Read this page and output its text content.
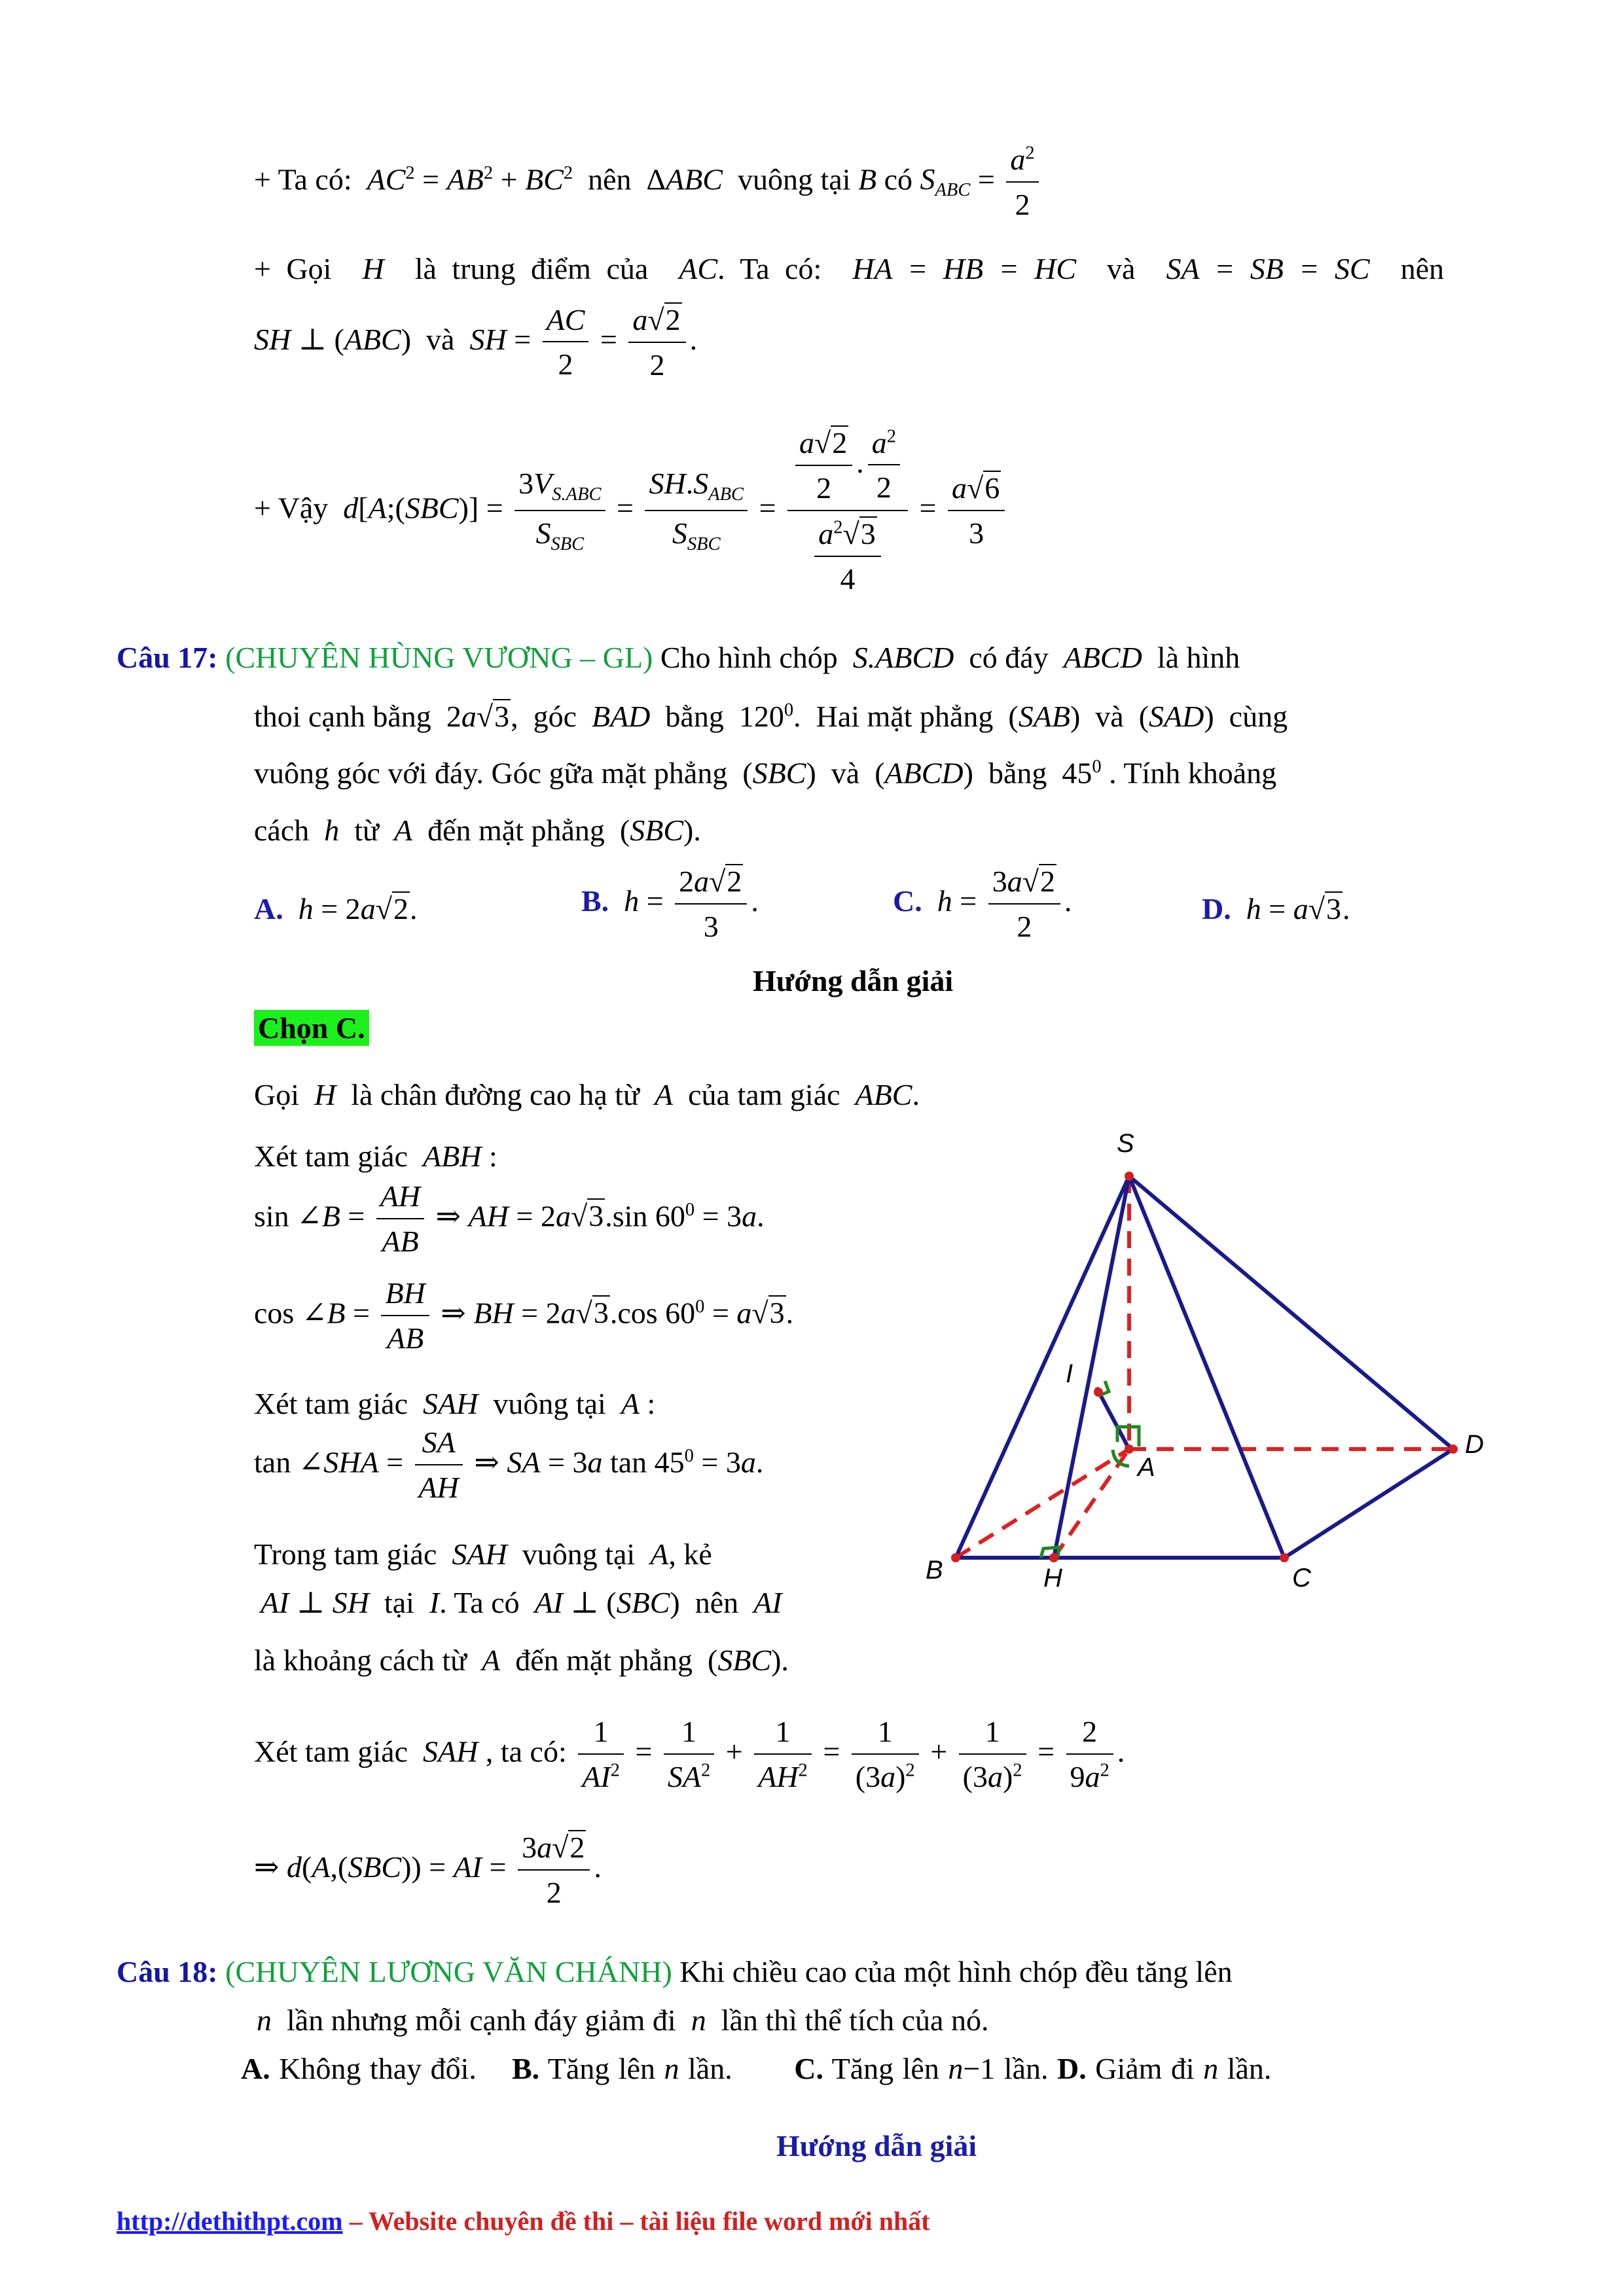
+ Ta có:  $AC^2 = AB^2 + BC^2$ nên  ΔABC vuông tại B có $S_{ABC} = \frac{a^2}{2}$
+ Gọi H là trung điểm của AC. Ta có: HA = HB = HC và SA = SB = SC nên
SH ⊥ (ABC)  và SH = $\frac{AC}{2} = \frac{a√2}{2}$ .
+ Vậy d[A;(SBC)] = $\frac{3V_{S.ABC}}{S_{SBC}} = \frac{SH.S_{ABC}}{S_{SBC}} = \frac{\frac{a√2}{2} . \frac{a^2}{2}}{\frac{a^2√3}{4}} = \frac{a√6}{3}$
Câu 17: (CHUYÊN HÙNG VƯƠNG – GL) Cho hình chóp S.ABCD có đáy ABCD là hình
thoi cạnh bằng  2a√3,  góc BAD bằng  $120^0$.  Hai mặt phẳng  (SAB)  và  (SAD)  cùng
vuông góc với đáy. Góc gữa mặt phẳng  (SBC)  và  (ABCD)  bằng  $45^0$ . Tính khoảng
cách h từ A đến mặt phẳng  (SBC).
A. h = 2a√2.	B. $h = \frac{2a√2}{3}$ .	C. $h = \frac{3a√2}{2}$ .	D. h = a√3.
Hướng dẫn giải
Chọn C.
Gọi H là chân đường cao hạ từ A của tam giác ABC.
Xét tam giác ABH :
sin ∠B = $\frac{AH}{AB}$ ⇒ AH = 2a√3.sin $60^0 = 3a$.
cos ∠B = $\frac{BH}{AB}$ ⇒ BH = 2a√3.cos $60^0 = a√3$.
Xét tam giác SAH vuông tại A :
tan ∠SHA = $\frac{SA}{AH}$ ⇒ SA = 3a $\tan 45^0 = 3a$.
Trong tam giác SAH vuông tại A, kẻ
AI ⊥ SH tại I. Ta có AI ⊥ (SBC)  nên AI
là khoảng cách từ A đến mặt phẳng  (SBC).
Xét tam giác SAH , ta có: $\frac{1}{AI^2} = \frac{1}{SA^2} + \frac{1}{AH^2} = \frac{1}{(3a)^2} + \frac{1}{(3a)^2} = \frac{2}{9a^2}$ .
⇒ d(A,(SBC)) = AI = $\frac{3a√2}{2}$ .
S
I
A
D
B	H	C
Câu 18: (CHUYÊN LƯƠNG VĂN CHÁNH) Khi chiều cao của một hình chóp đều tăng lên
n lần nhưng mỗi cạnh đáy giảm đi n lần thì thể tích của nó.
A. Không thay đổi. B. Tăng lên n lần. C. Tăng lên n−1 lần. D. Giảm đi n lần.
Hướng dẫn giải
http://dethithpt.com – Website chuyên đề thi – tài liệu file word mới nhất
